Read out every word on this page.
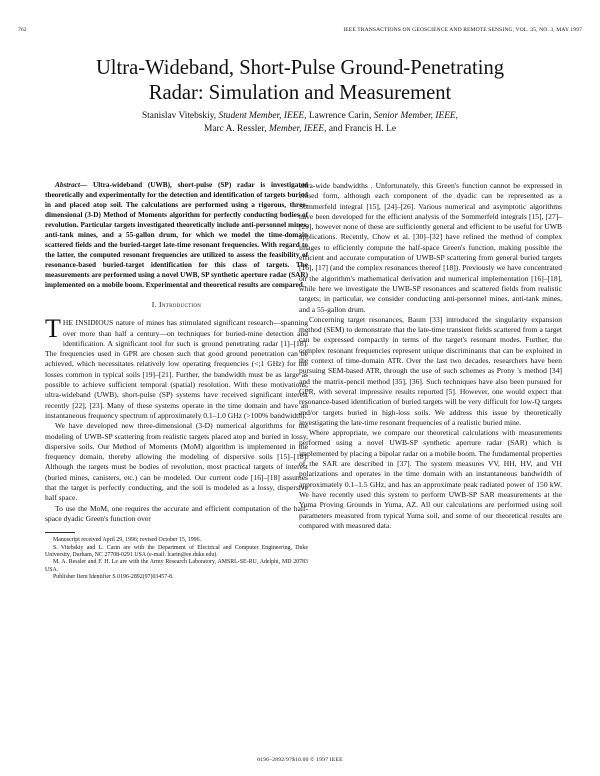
762	IEEE TRANSACTIONS ON GEOSCIENCE AND REMOTE SENSING, VOL. 35, NO. 3, MAY 1997
Ultra-Wideband, Short-Pulse Ground-Penetrating
Radar: Simulation and Measurement
Stanislav Vitebskiy, Student Member, IEEE, Lawrence Carin, Senior Member, IEEE,
Marc A. Ressler, Member, IEEE, and Francis H. Le

Abstract— Ultra-wideband (UWB), short-pulse (SP) radar is investigated theoretically and experimentally for the detection and identification of targets buried in and placed atop soil. The calculations are performed using a rigorous, three-dimensional (3-D) Method of Moments algorithm for perfectly conducting bodies of revolution. Particular targets investigated theoretically include anti-personnel mines, anti-tank mines, and a 55-gallon drum, for which we model the time-domain scattered fields and the buried-target late-time resonant frequencies. With regard to the latter, the computed resonant frequencies are utilized to assess the feasibility of resonance-based buried-target identification for this class of targets. The measurements are performed using a novel UWB, SP synthetic aperture radar (SAR) implemented on a mobile boom. Experimental and theoretical results are compared.

I. Introduction

THE INSIDIOUS nature of mines has stimulated significant research—spanning over more than half a century—on techniques for buried-mine detection and identification. A significant tool for such is ground penetrating radar [1]–[18]. The frequencies used in GPR are chosen such that good ground penetration can be achieved, which necessitates relatively low operating frequencies (<;1 GHz) for the losses common in typical soils [19]–[21]. Further, the bandwidth must be as large as possible to achieve sufficient temporal (spatial) resolution. With these motivations, ultra-wideband (UWB), short-pulse (SP) systems have received significant interest recently [22], [23]. Many of these systems operate in the time domain and have an instantaneous frequency spectrum of approximately 0.1–1.0 GHz (>100% bandwidth).

We have developed new three-dimensional (3-D) numerical algorithms for the modeling of UWB-SP scattering from realistic targets placed atop and buried in lossy, dispersive soils. Our Method of Moments (MoM) algorithm is implemented in the frequency domain, thereby allowing the modeling of dispersive soils [15]–[18]. Although the targets must be bodies of revolution, most practical targets of interest (buried mines, canisters, etc.) can be modeled. Our current code [16]–[18] assumes that the target is perfectly conducting, and the soil is modeled as a lossy, dispersive half space.

To use the MoM, one requires the accurate and efficient computation of the half-space dyadic Green's function over

Manuscript received April 29, 1996; revised October 15, 1996.

S. Vitebskiy and L. Carin are with the Department of Electrical and Computer Engineering, Duke University, Durham, NC 27708-0291 USA (e-mail: lcarin@ee.duke.edu).

M. A. Ressler and F. H. Le are with the Army Research Laboratory, AMSRL-SE-RU, Adelphi, MD 20783 USA.

Publisher Item Identifier S 0196-2892(97)03457-8.

ultra-wide bandwidths . Unfortunately, this Green's function cannot be expressed in closed form, although each component of the dyadic can be represented as a Sommerfeld integral [15], [24]–[26]. Various numerical and asymptotic algorithms have been developed for the efficient analysis of the Sommerfeld integrals [15], [27]–[29], however none of these are sufficiently general and efficient to be useful for UWB applications. Recently, Chow et al. [30]–[32] have refined the method of complex images to efficiently compute the half-space Green's function, making possible the efficient and accurate computation of UWB-SP scattering from general buried targets [16], [17] (and the complex resonances thereof [18]). Previously we have concentrated on the algorithm's mathematical derivation and numerical implementation [16]–[18], while here we investigate the UWB-SP resonances and scattered fields from realistic targets; in particular, we consider conducting anti-personnel mines, anti-tank mines, and a 55-gallon drum.

Concerning target resonances, Baum [33] introduced the singularity expansion method (SEM) to demonstrate that the late-time transient fields scattered from a target can be expressed compactly in terms of the target's resonant modes. Further, the complex resonant frequencies represent unique discriminants that can be exploited in the context of time-domain ATR. Over the last two decades, researchers have been pursuing SEM-based ATR, through the use of such schemes as Prony 's method [34] and the matrix-pencil method [35], [36]. Such techniques have also been pursued for GPR, with several impressive results reported [5]. However, one would expect that resonance-based identification of buried targets will be very difficult for low-Q targets and/or targets buried in high-loss soils. We address this issue by theoretically investigating the late-time resonant frequencies of a realistic buried mine.

Where appropriate, we compare our theoretical calculations with measurements performed using a novel UWB-SP synthetic aperture radar (SAR) which is implemented by placing a bipolar radar on a mobile boom. The fundamental properties of the SAR are described in [37]. The system measures VV, HH, HV, and VH polarizations and operates in the time domain with an instantaneous bandwidth of approximately 0.1–1.5 GHz, and has an approximate peak radiated power of 150 kW. We have recently used this system to perform UWB-SP SAR measurements at the Yuma Proving Grounds in Yuma, AZ. All our calculations are performed using soil parameters measured from typical Yuma soil, and some of our theoretical results are compared with measured data.

0196–2892/97$10.00 © 1997 IEEE
